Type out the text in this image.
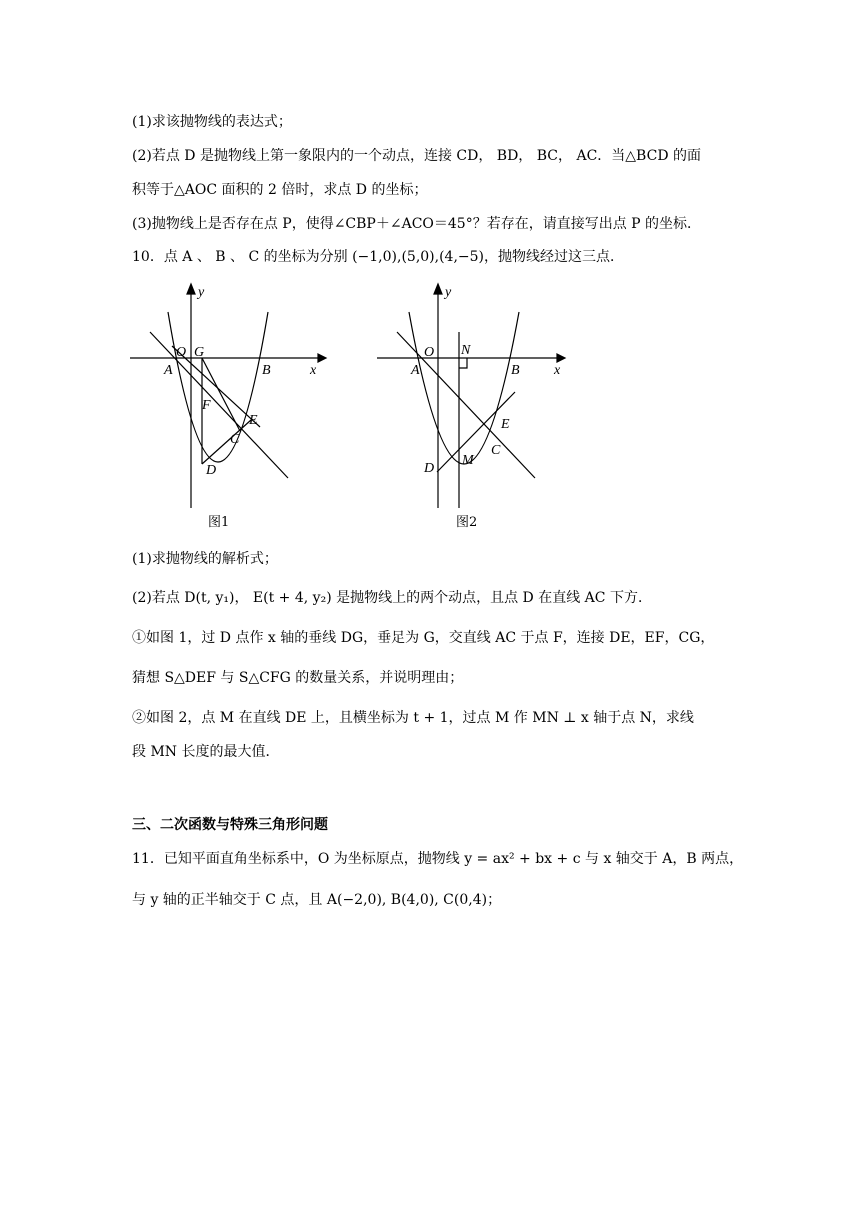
(1)求该抛物线的表达式；
(2)若点 D 是抛物线上第一象限内的一个动点，连接 CD， BD， BC， AC．当△BCD 的面
积等于△AOC 面积的 2 倍时，求点 D 的坐标；
(3)抛物线上是否存在点 P，使得∠CBP＋∠ACO＝45°？若存在，请直接写出点 P 的坐标．
10．点 A 、 B 、 C 的坐标为分别 (−1,0),(5,0),(4,−5)，抛物线经过这三点．
y
x
O G
A	B
F
E
C
D
图1
y
x
O N
A	B
E
C
M
D
图2
(1)求抛物线的解析式；
(2)若点 D(t, y₁)， E(t + 4, y₂) 是抛物线上的两个动点，且点 D 在直线 AC 下方．
①如图 1，过 D 点作 x 轴的垂线 DG，垂足为 G，交直线 AC 于点 F，连接 DE，EF，CG，
猜想 S△DEF 与 S△CFG 的数量关系，并说明理由；
②如图 2，点 M 在直线 DE 上，且横坐标为 t + 1，过点 M 作 MN ⊥ x 轴于点 N，求线
段 MN 长度的最大值．
三、二次函数与特殊三角形问题
11．已知平面直角坐标系中，O 为坐标原点，抛物线 y = ax² + bx + c 与 x 轴交于 A，B 两点，
与 y 轴的正半轴交于 C 点，且 A(−2,0), B(4,0), C(0,4)；
